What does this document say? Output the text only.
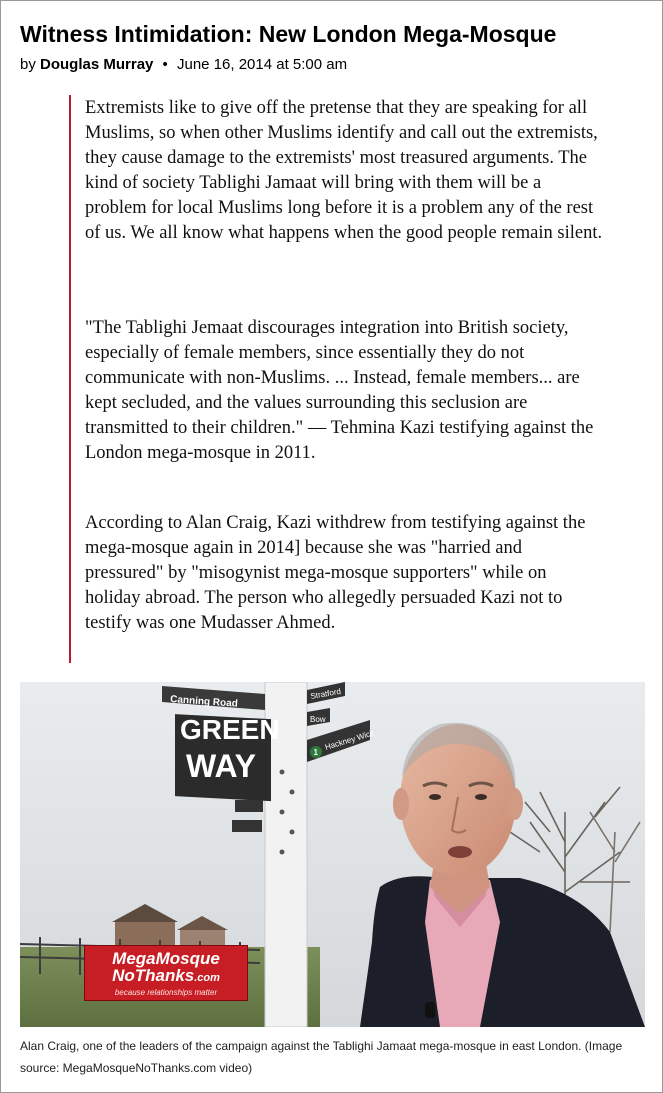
Witness Intimidation: New London Mega-Mosque
by Douglas Murray • June 16, 2014 at 5:00 am

Extremists like to give off the pretense that they are speaking for all Muslims, so when other Muslims identify and call out the extremists, they cause damage to the extremists' most treasured arguments. The kind of society Tablighi Jamaat will bring with them will be a problem for local Muslims long before it is a problem any of the rest of us. We all know what happens when the good people remain silent.

"The Tablighi Jemaat discourages integration into British society, especially of female members, since essentially they do not communicate with non-Muslims. ... Instead, female members... are kept secluded, and the values surrounding this seclusion are transmitted to their children." — Tehmina Kazi testifying against the London mega-mosque in 2011.

According to Alan Craig, Kazi withdrew from testifying against the mega-mosque again in 2014] because she was "harried and pressured" by "misogynist mega-mosque supporters" while on holiday abroad. The person who allegedly persuaded Kazi not to testify was one Mudasser Ahmed.

Canning Road
GREEN
WAY
Stratford
Bow
1
Hackney Wick
MegaMosque
NoThanks.com
because relationships matter
Alan Craig, one of the leaders of the campaign against the Tablighi Jamaat mega-mosque in east London. (Image source: MegaMosqueNoThanks.com video)
